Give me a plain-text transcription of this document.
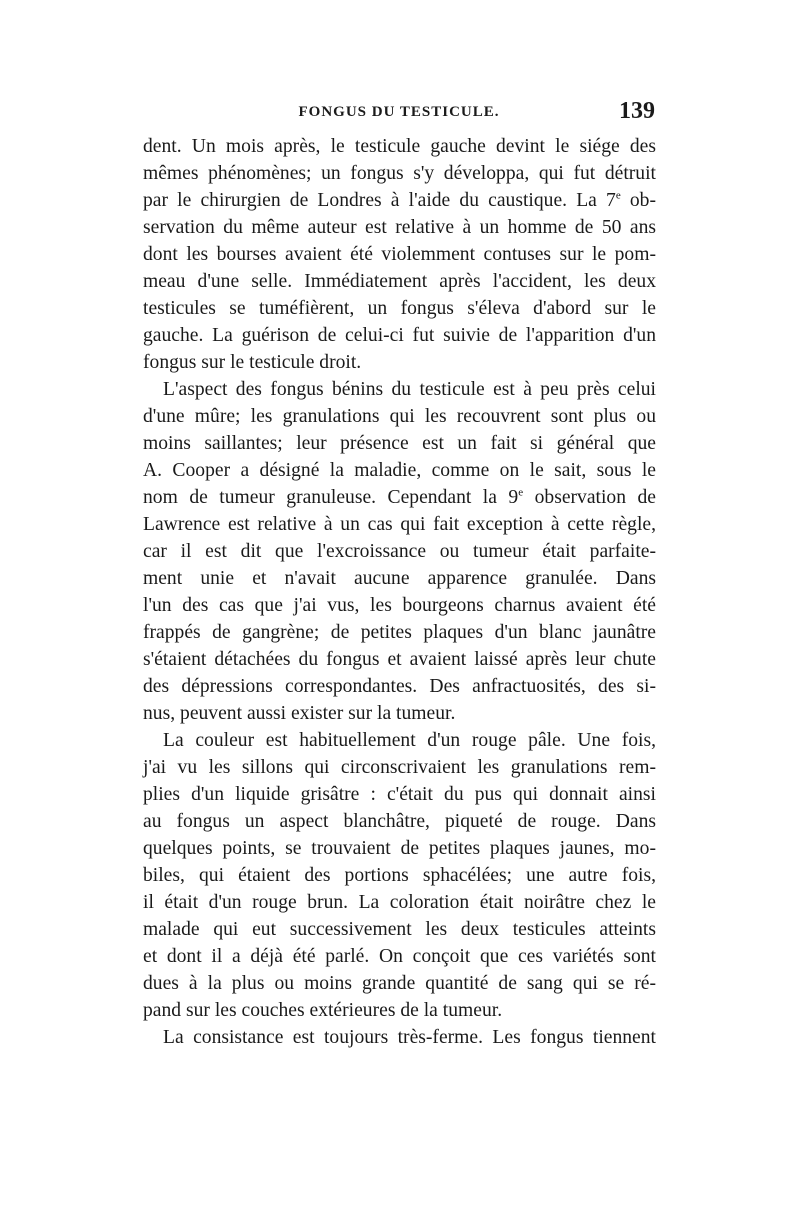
FONGUS DU TESTICULE.	139
dent. Un mois après, le testicule gauche devint le siége des
mêmes phénomènes; un fongus s'y développa, qui fut détruit
par le chirurgien de Londres à l'aide du caustique. La 7e ob-
servation du même auteur est relative à un homme de 50 ans
dont les bourses avaient été violemment contuses sur le pom-
meau d'une selle. Immédiatement après l'accident, les deux
testicules se tuméfièrent, un fongus s'éleva d'abord sur le
gauche. La guérison de celui-ci fut suivie de l'apparition d'un
fongus sur le testicule droit.
L'aspect des fongus bénins du testicule est à peu près celui
d'une mûre; les granulations qui les recouvrent sont plus ou
moins saillantes; leur présence est un fait si général que
A. Cooper a désigné la maladie, comme on le sait, sous le
nom de tumeur granuleuse. Cependant la 9e observation de
Lawrence est relative à un cas qui fait exception à cette règle,
car il est dit que l'excroissance ou tumeur était parfaite-
ment unie et n'avait aucune apparence granulée. Dans
l'un des cas que j'ai vus, les bourgeons charnus avaient été
frappés de gangrène; de petites plaques d'un blanc jaunâtre
s'étaient détachées du fongus et avaient laissé après leur chute
des dépressions correspondantes. Des anfractuosités, des si-
nus, peuvent aussi exister sur la tumeur.
La couleur est habituellement d'un rouge pâle. Une fois,
j'ai vu les sillons qui circonscrivaient les granulations rem-
plies d'un liquide grisâtre : c'était du pus qui donnait ainsi
au fongus un aspect blanchâtre, piqueté de rouge. Dans
quelques points, se trouvaient de petites plaques jaunes, mo-
biles, qui étaient des portions sphacélées; une autre fois,
il était d'un rouge brun. La coloration était noirâtre chez le
malade qui eut successivement les deux testicules atteints
et dont il a déjà été parlé. On conçoit que ces variétés sont
dues à la plus ou moins grande quantité de sang qui se ré-
pand sur les couches extérieures de la tumeur.
La consistance est toujours très-ferme. Les fongus tiennent
